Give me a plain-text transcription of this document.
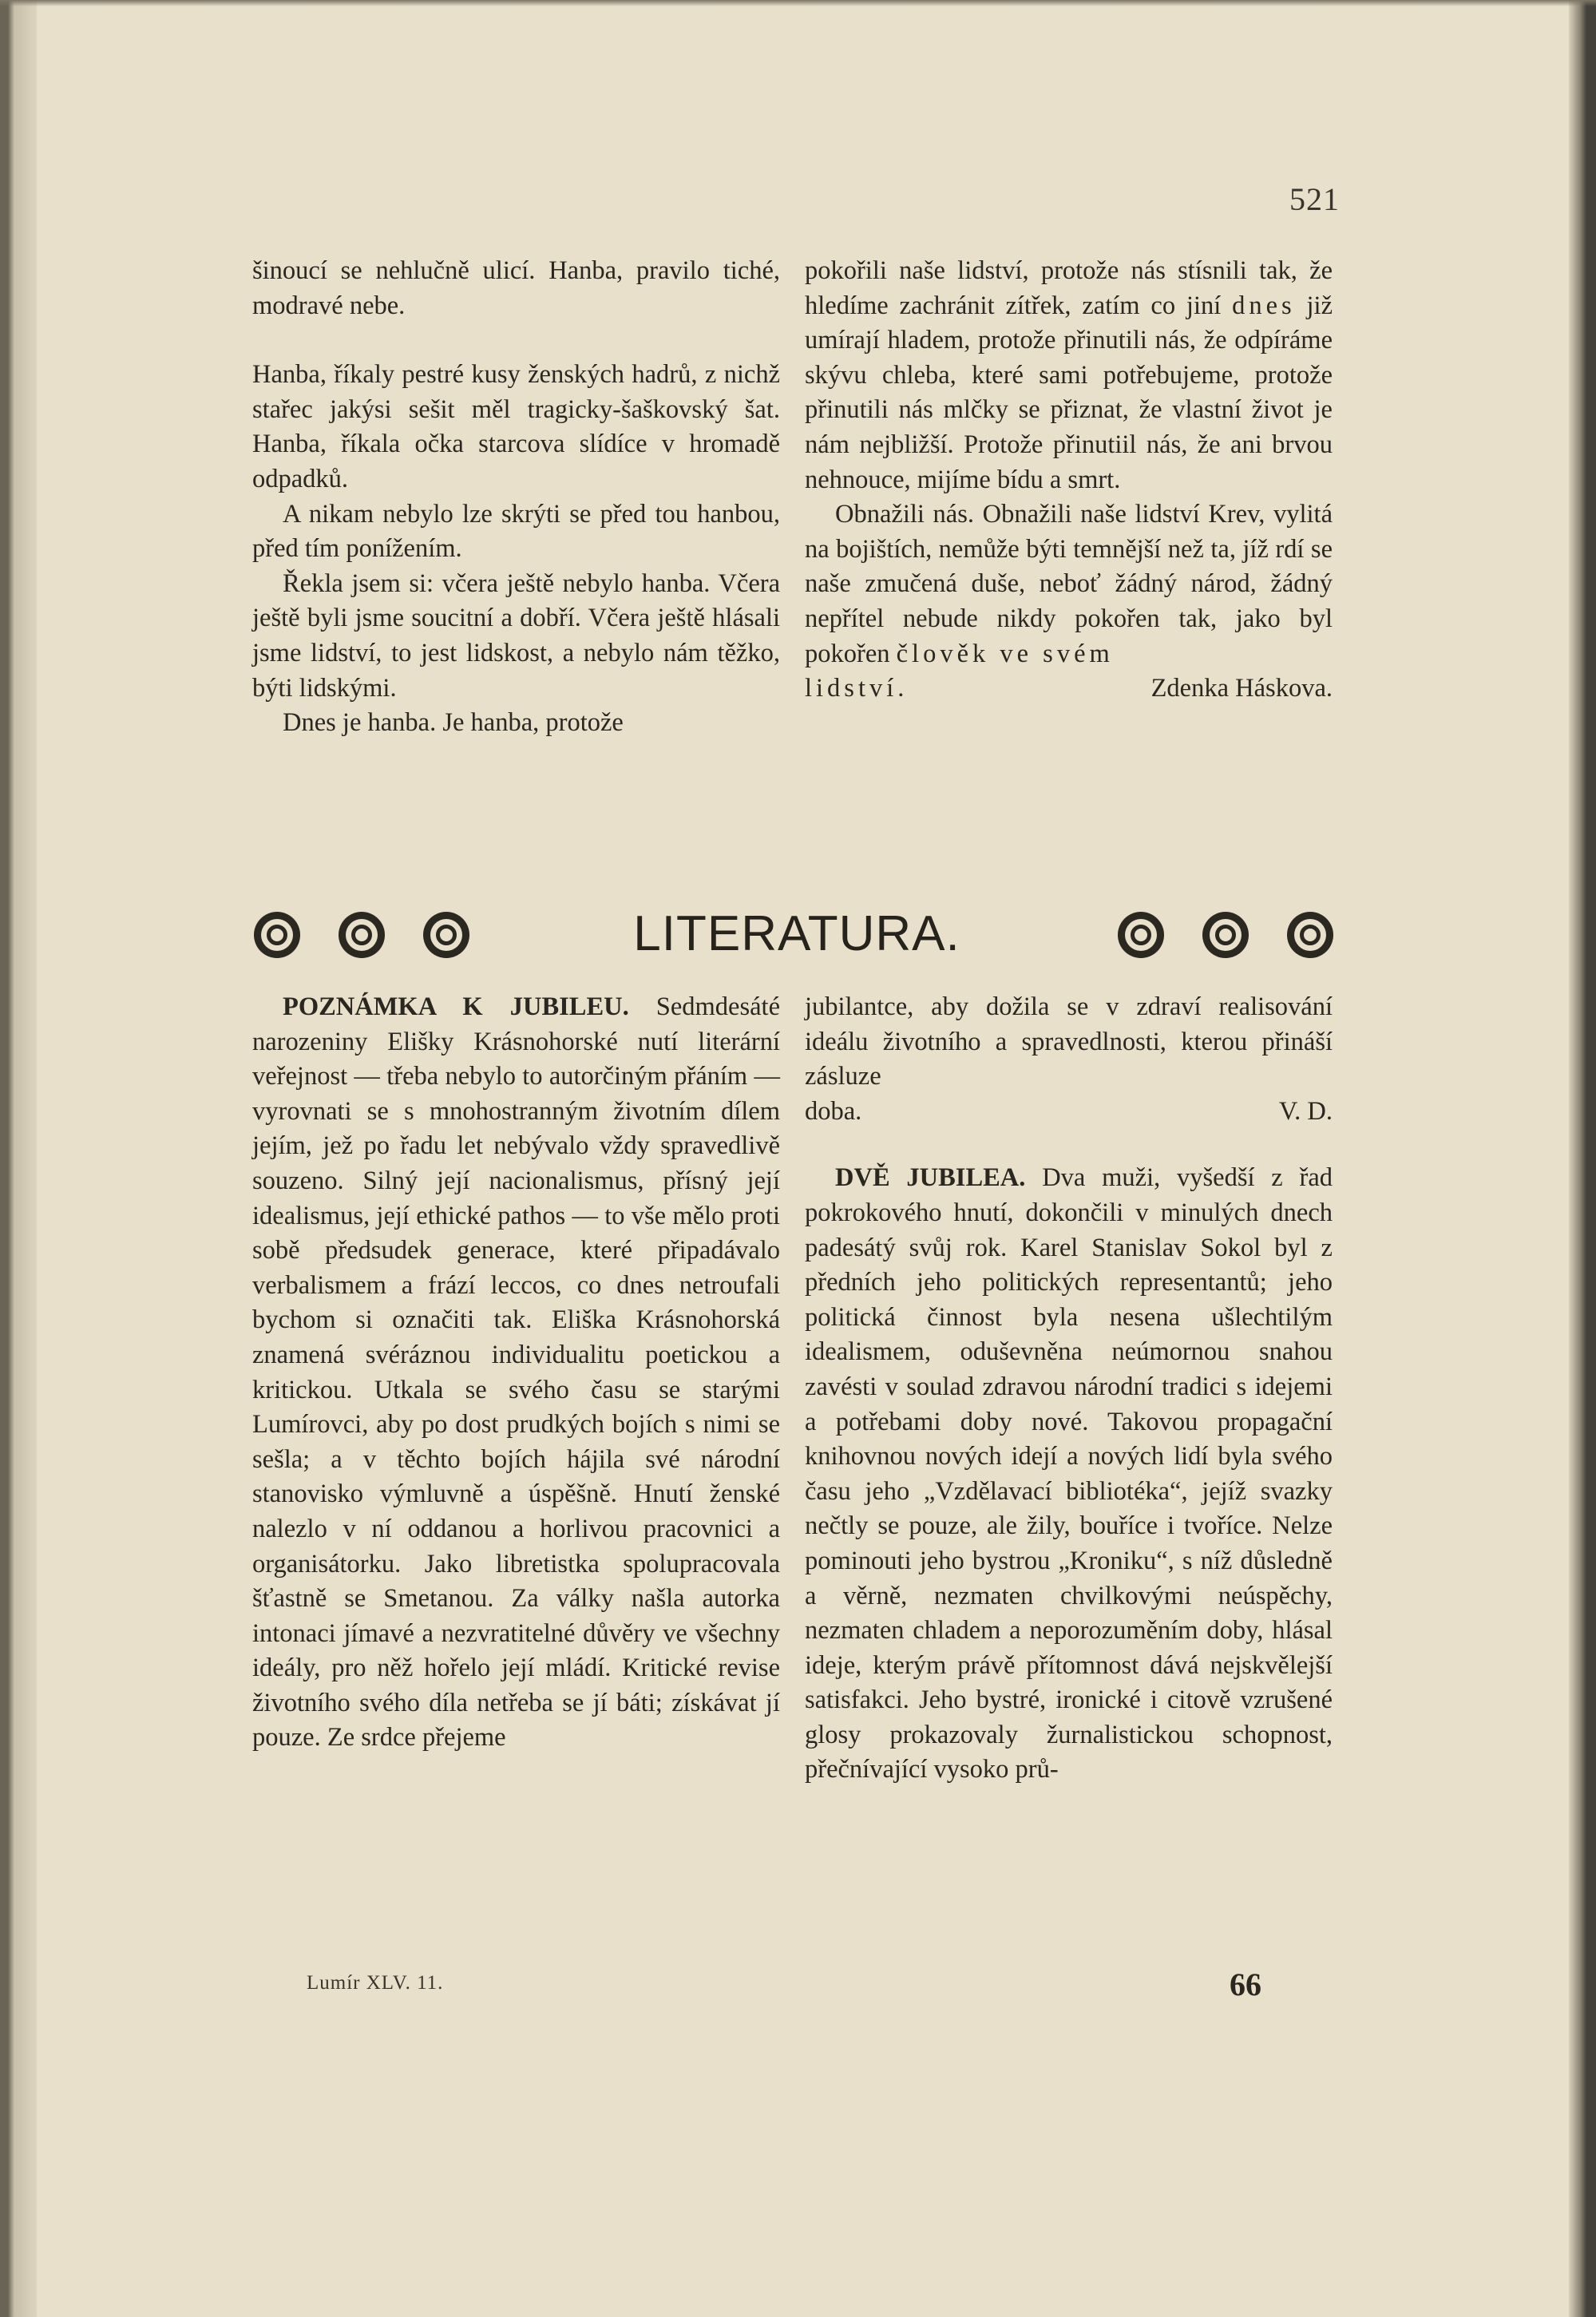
521

šinoucí se nehlučně ulicí. Hanba, pravilo tiché, modravé nebe.

Hanba, říkaly pestré kusy ženských hadrů, z nichž stařec jakýsi sešit měl tragicky-šaškovský šat. Hanba, říkala očka starcova slídíce v hromadě odpadků.

A nikam nebylo lze skrýti se před tou hanbou, před tím ponížením.

Řekla jsem si: včera ještě nebylo hanba. Včera ještě byli jsme soucitní a dobří. Včera ještě hlásali jsme lidství, to jest lidskost, a nebylo nám těžko, býti lidskými.

Dnes je hanba. Je hanba, protože

pokořili naše lidství, protože nás stísnili tak, že hledíme zachránit zítřek, zatím co jiní dnes již umírají hladem, protože přinutili nás, že odpíráme skývu chleba, které sami potřebujeme, protože přinutili nás mlčky se přiznat, že vlastní život je nám nejbližší. Protože přinutiil nás, že ani brvou nehnouce, mijíme bídu a smrt.

Obnažili nás. Obnažili naše lidství Krev, vylitá na bojištích, nemůže býti temnější než ta, jíž rdí se naše zmučená duše, neboť žádný národ, žádný nepřítel nebude nikdy pokořen tak, jako byl pokořen člověk ve svém

lidství.	Zdenka Háskova.
LITERATURA.

POZNÁMKA K JUBILEU. Sedmdesáté narozeniny Elišky Krásnohorské nutí literární veřejnost — třeba nebylo to autorčiným přáním — vyrovnati se s mnohostranným životním dílem jejím, jež po řadu let nebývalo vždy spravedlivě souzeno. Silný její nacionalismus, přísný její idealismus, její ethické pathos — to vše mělo proti sobě předsudek generace, které připadávalo verbalismem a frází leccos, co dnes netroufali bychom si označiti tak. Eliška Krásnohorská znamená svéráznou individualitu poetickou a kritickou. Utkala se svého času se starými Lumírovci, aby po dost prudkých bojích s nimi se sešla; a v těchto bojích hájila své národní stanovisko výmluvně a úspěšně. Hnutí ženské nalezlo v ní oddanou a horlivou pracovnici a organisátorku. Jako libretistka spolupracovala šťastně se Smetanou. Za války našla autorka intonaci jímavé a nezvratitelné důvěry ve všechny ideály, pro něž hořelo její mládí. Kritické revise životního svého díla netřeba se jí báti; získávat jí pouze. Ze srdce přejeme

jubilantce, aby dožila se v zdraví realisování ideálu životního a spravedlnosti, kterou přináší zásluze

doba.	V. D.

DVĚ JUBILEA. Dva muži, vyšedší z řad pokrokového hnutí, dokončili v minulých dnech padesátý svůj rok. Karel Stanislav Sokol byl z předních jeho politických representantů; jeho politická činnost byla nesena ušlechtilým idealismem, oduševněna neúmornou snahou zavésti v soulad zdravou národní tradici s idejemi a potřebami doby nové. Takovou propagační knihovnou nových idejí a nových lidí byla svého času jeho „Vzdělavací bibliotéka“, jejíž svazky nečtly se pouze, ale žily, bouříce i tvoříce. Nelze pominouti jeho bystrou „Kroniku“, s níž důsledně a věrně, nezmaten chvilkovými neúspěchy, nezmaten chladem a neporozuměním doby, hlásal ideje, kterým právě přítomnost dává nejskvělejší satisfakci. Jeho bystré, ironické i citově vzrušené glosy prokazovaly žurnalistickou schopnost, přečnívající vysoko prů-

Lumír XLV. 11.	66
